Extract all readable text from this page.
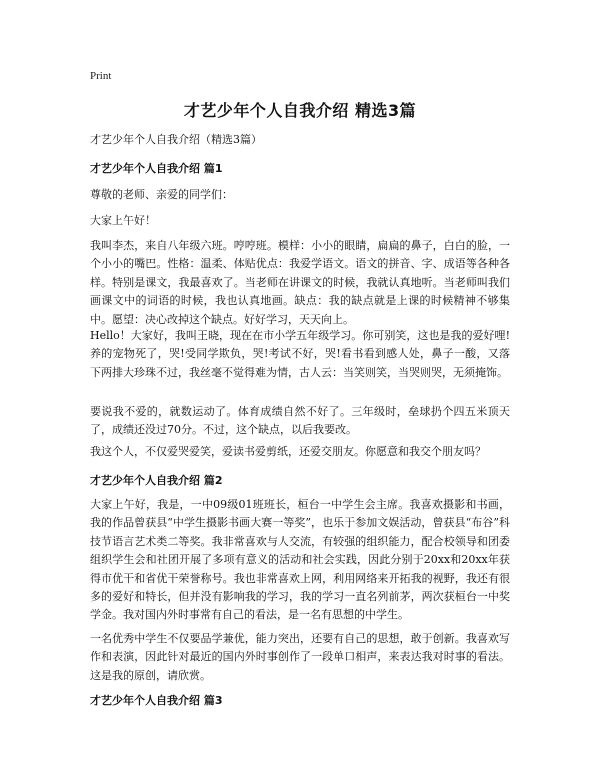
Print
才艺少年个人自我介绍 精选3篇
才艺少年个人自我介绍（精选3篇）
才艺少年个人自我介绍 篇1

尊敬的老师、亲爱的同学们：

大家上午好！

我叫李杰，来自八年级六班。哼哼班。模样：小小的眼睛，扁扁的鼻子，白白的脸，一个小小的嘴巴。性格：温柔、体贴优点：我爱学语文。语文的拼音、字、成语等各种各样。特别是课文，我最喜欢了。当老师在讲课文的时候，我就认真地听。当老师叫我们画课文中的词语的时候，我也认真地画。缺点：我的缺点就是上课的时候精神不够集中。愿望：决心改掉这个缺点。好好学习，天天向上。

Hello！大家好，我叫王晓，现在在市小学五年级学习。你可别笑，这也是我的爱好哩!养的宠物死了，哭!受同学欺负，哭!考试不好，哭!看书看到感人处，鼻子一酸，又落下两排大珍珠不过，我丝毫不觉得难为情，古人云：当笑则笑，当哭则哭，无须掩饰。

要说我不爱的，就数运动了。体育成绩自然不好了。三年级时，垒球扔个四五米顶天了，成绩还没过70分。不过，这个缺点，以后我要改。

我这个人，不仅爱哭爱笑，爱读书爱剪纸，还爱交朋友。你愿意和我交个朋友吗？

才艺少年个人自我介绍 篇2

大家上午好，我是，一中09级01班班长，桓台一中学生会主席。我喜欢摄影和书画，我的作品曾获县“中学生摄影书画大赛一等奖”，也乐于参加文娱活动，曾获县“布谷”科技节语言艺术类二等奖。我非常喜欢与人交流，有较强的组织能力，配合校领导和团委组织学生会和社团开展了多项有意义的活动和社会实践，因此分别于20xx和20xx年获得市优干和省优干荣誉称号。我也非常喜欢上网，利用网络来开拓我的视野，我还有很多的爱好和特长，但并没有影响我的学习，我的学习一直名列前茅，两次获桓台一中奖学金。我对国内外时事常有自己的看法，是一名有思想的中学生。

一名优秀中学生不仅要品学兼优，能力突出，还要有自己的思想，敢于创新。我喜欢写作和表演，因此针对最近的国内外时事创作了一段单口相声，来表达我对时事的看法。这是我的原创，请欣赏。

才艺少年个人自我介绍 篇3
